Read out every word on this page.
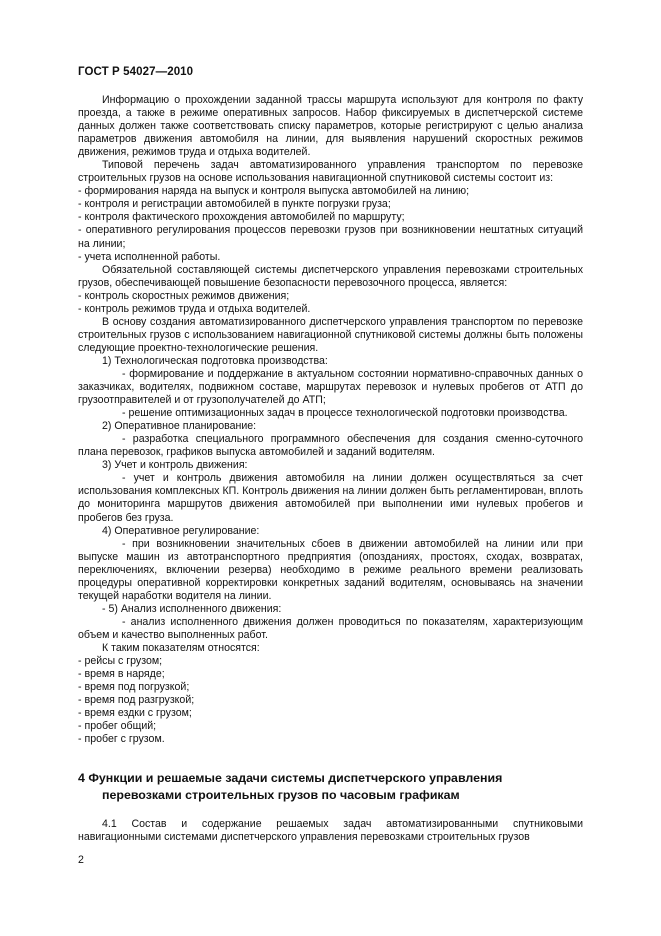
ГОСТ Р 54027—2010

Информацию о прохождении заданной трассы маршрута используют для контроля по факту проезда, а также в режиме оперативных запросов. Набор фиксируемых в диспетчерской системе данных должен также соответствовать списку параметров, которые регистрируют с целью анализа параметров движения автомобиля на линии, для выявления нарушений скоростных режимов движения, режимов труда и отдыха водителей.

Типовой перечень задач автоматизированного управления транспортом по перевозке строительных грузов на основе использования навигационной спутниковой системы состоит из:

- формирования наряда на выпуск и контроля выпуска автомобилей на линию;

- контроля и регистрации автомобилей в пункте погрузки груза;

- контроля фактического прохождения автомобилей по маршруту;

- оперативного регулирования процессов перевозки грузов при возникновении нештатных ситуаций на линии;

- учета исполненной работы.

Обязательной составляющей системы диспетчерского управления перевозками строительных грузов, обеспечивающей повышение безопасности перевозочного процесса, является:

- контроль скоростных режимов движения;

- контроль режимов труда и отдыха водителей.

В основу создания автоматизированного диспетчерского управления транспортом по перевозке строительных грузов с использованием навигационной спутниковой системы должны быть положены следующие проектно-технологические решения.

1) Технологическая подготовка производства:

- формирование и поддержание в актуальном состоянии нормативно-справочных данных о заказчиках, водителях, подвижном составе, маршрутах перевозок и нулевых пробегов от АТП до грузоотправителей и от грузополучателей до АТП;

- решение оптимизационных задач в процессе технологической подготовки производства.

2) Оперативное планирование:

- разработка специального программного обеспечения для создания сменно-суточного плана перевозок, графиков выпуска автомобилей и заданий водителям.

3) Учет и контроль движения:

- учет и контроль движения автомобиля на линии должен осуществляться за счет использования комплексных КП. Контроль движения на линии должен быть регламентирован, вплоть до мониторинга маршрутов движения автомобилей при выполнении ими нулевых пробегов и пробегов без груза.

4) Оперативное регулирование:

- при возникновении значительных сбоев в движении автомобилей на линии или при выпуске машин из автотранспортного предприятия (опозданиях, простоях, сходах, возвратах, переключениях, включении резерва) необходимо в режиме реального времени реализовать процедуры оперативной корректировки конкретных заданий водителям, основываясь на значении текущей наработки водителя на линии.

- 5) Анализ исполненного движения:

- анализ исполненного движения должен проводиться по показателям, характеризующим объем и качество выполненных работ.

К таким показателям относятся:

- рейсы с грузом;

- время в наряде;

- время под погрузкой;

- время под разгрузкой;

- время ездки с грузом;

- пробег общий;

- пробег с грузом.

4 Функции и решаемые задачи системы диспетчерского управления
перевозками строительных грузов по часовым графикам

4.1 Состав и содержание решаемых задач автоматизированными спутниковыми навигационными системами диспетчерского управления перевозками строительных грузов

2
